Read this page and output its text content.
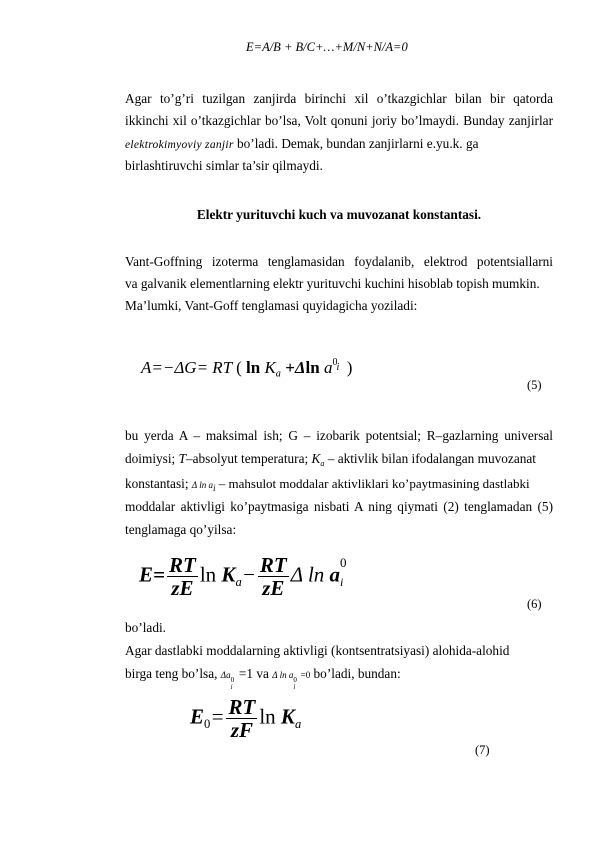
E=A/B + B/C+…+M/N+N/A=0
Agar to’g’ri tuzilgan zanjirda birinchi xil o’tkazgichlar bilan bir qatorda
ikkinchi xil o’tkazgichlar bo’lsa, Volt qonuni joriy bo’lmaydi. Bunday zanjirlar
elektrokimyoviy zanjir bo’ladi. Demak, bundan zanjirlarni e.yu.k. ga
birlashtiruvchi simlar ta’sir qilmaydi.
Elektr yurituvchi kuch va muvozanat konstantasi.
Vant-Goffning izoterma tenglamasidan foydalanib, elektrod potentsiallarni
va galvanik elementlarning elektr yurituvchi kuchini hisoblab topish mumkin.
Ma’lumki, Vant-Goff tenglamasi quyidagicha yoziladi:
A=−ΔG= RT ( $\ln K_a +\Delta\ln$ a 0 i )
(5)
bu yerda A – maksimal ish; G – izobarik potentsial; R–gazlarning universal
doimiysi; T–absolyut temperatura; $K_a$ – aktivlik bilan ifodalangan muvozanat
konstantasi; Δ $\ln a_i$ – mahsulot moddalar aktivliklari ko’paytmasining dastlabki
moddalar aktivligi ko’paytmasiga nisbati A ning qiymati (2) tenglamadan (5)
tenglamaga qo’yilsa:
$E= \frac{RT}{zE}$ $\ln K_a- \frac{RT}{zE}$ Δ ln a 0
i
(6)
bo’ladi.
Agar dastlabki moddalarning aktivligi (kontsentratsiyasi) alohida-alohid
birga teng bo’lsa, Δa 0
i
=1 va Δ ln a 0
i
=0 bo’ladi, bundan:
$E_0= \frac{RT}{zF}$ $\ln K_a$
(7)
